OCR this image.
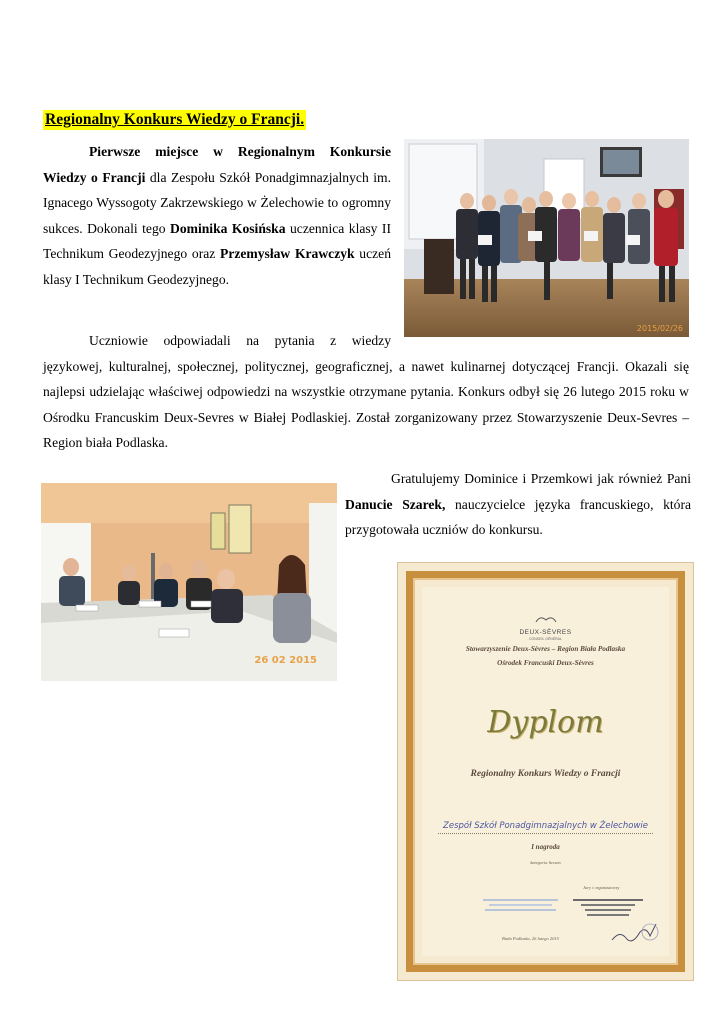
Regionalny Konkurs Wiedzy o Francji.
Pierwsze miejsce w Regionalnym Konkursie Wiedzy o Francji dla Zespołu Szkół Ponadgimnazjalnych im. Ignacego Wyssogoty Zakrzewskiego w Żelechowie to ogromny sukces. Dokonali tego Dominika Kosińska uczennica klasy II Technikum Geodezyjnego oraz Przemysław Krawczyk uczeń klasy I Technikum Geodezyjnego.
Uczniowie odpowiadali na pytania z wiedzy
językowej, kulturalnej, społecznej, politycznej, geograficznej, a nawet kulinarnej dotyczącej Francji. Okazali się najlepsi udzielając właściwej odpowiedzi na wszystkie otrzymane pytania. Konkurs odbył się 26 lutego 2015 roku w Ośrodku Francuskim Deux-Sevres w Białej Podlaskiej. Został zorganizowany przez Stowarzyszenie Deux-Sevres – Region biała Podlaska.
Gratulujemy Dominice i Przemkowi jak również Pani Danucie Szarek, nauczycielce języka francuskiego, która przygotowała uczniów do konkursu.
2015/02/26
26 02 2015
DEUX-SÈVRES
CONSEIL GÉNÉRAL
Stowarzyszenie Deux-Sèvres – Region Biała Podlaska
Ośrodek Francuski Deux-Sèvres
Dyplom
Regionalny Konkurs Wiedzy o Francji
Zespół Szkół Ponadgimnazjalnych w Żelechowie
I nagroda
kategoria liceum
Jury i organizatorzy
Biała Podlaska, 26 lutego 2015
